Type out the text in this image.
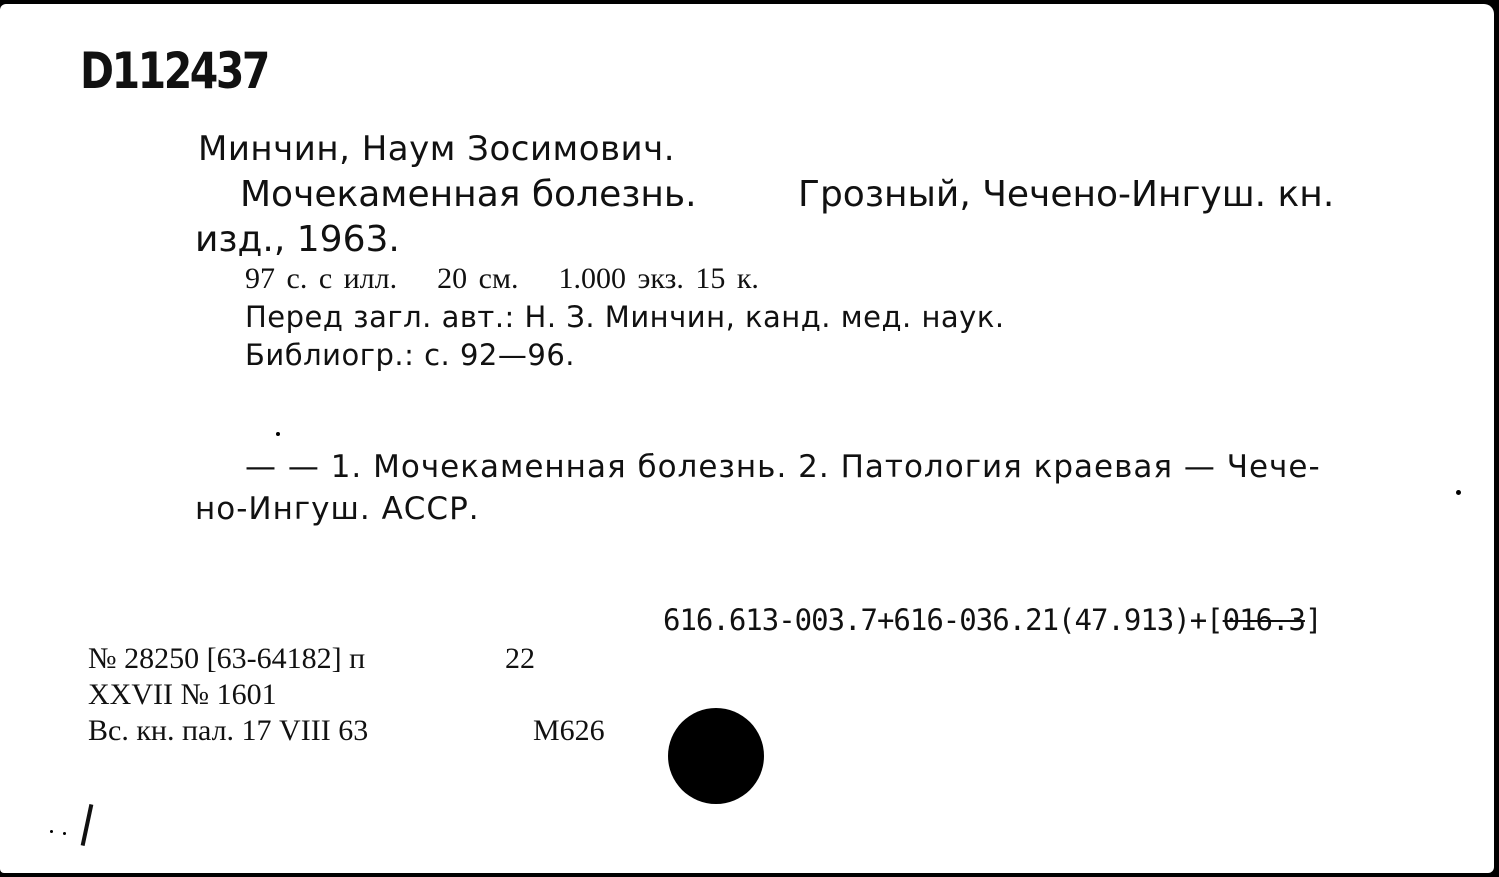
D112437
Минчин, Наум Зосимович.
Мочекаменная болезнь.	Грозный, Чечено-Ингуш. кн.
изд., 1963.
97 с. с илл. 20 см. 1.000 экз. 15 к.
Перед загл. авт.: Н. З. Минчин, канд. мед. наук.
Библиогр.: с. 92—96.
— — 1. Мочекаменная болезнь. 2. Патология краевая — Чече-
но-Ингуш. АССР.
616.613-003.7+616-036.21(47.913)+[016.3]
№ 28250 [63-64182] п	22
XXVII № 1601
Вс. кн. пал. 17 VIII 63	М626
